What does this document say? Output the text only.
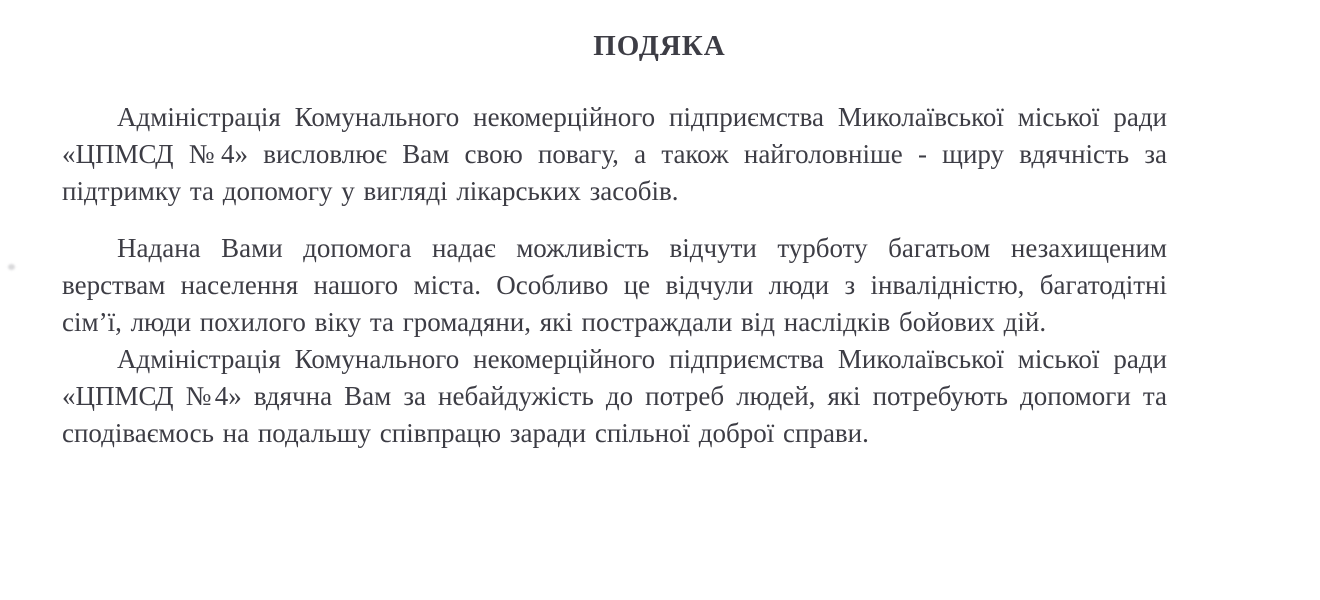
ПОДЯКА

Адміністрація Комунального некомерційного підприємства Миколаївської міської ради «ЦПМСД №4» висловлює Вам свою повагу, а також найголовніше - щиру вдячність за підтримку та допомогу у вигляді лікарських засобів.

Надана Вами допомога надає можливість відчути турботу багатьом незахищеним верствам населення нашого міста. Особливо це відчули люди з інвалідністю, багатодітні сім’ї, люди похилого віку та громадяни, які постраждали від наслідків бойових дій.

Адміністрація Комунального некомерційного підприємства Миколаївської міської ради «ЦПМСД №4» вдячна Вам за небайдужість до потреб людей, які потребують допомоги та сподіваємось на подальшу співпрацю заради спільної доброї справи.
